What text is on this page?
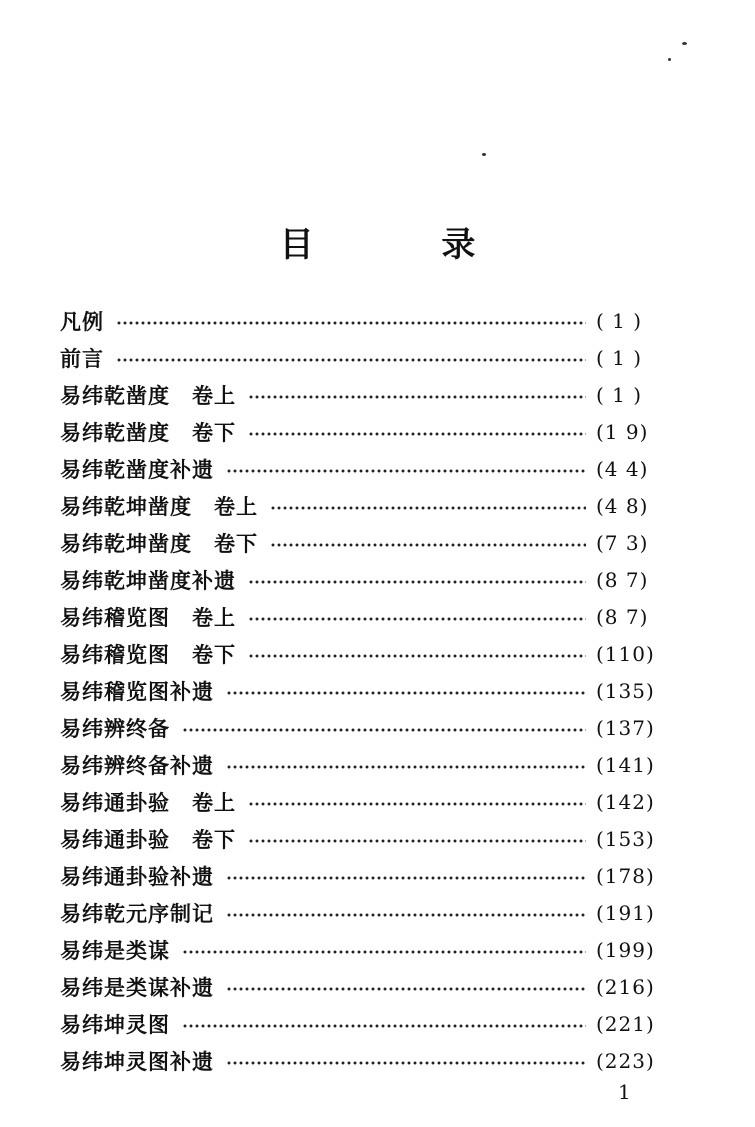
目 录
凡例	( 1 )
前言	( 1 )
易纬乾凿度　卷上	( 1 )
易纬乾凿度　卷下	(1 9)
易纬乾凿度补遗	(4 4)
易纬乾坤凿度　卷上	(4 8)
易纬乾坤凿度　卷下	(7 3)
易纬乾坤凿度补遗	(8 7)
易纬稽览图　卷上	(8 7)
易纬稽览图　卷下	(110)
易纬稽览图补遗	(135)
易纬辨终备	(137)
易纬辨终备补遗	(141)
易纬通卦验　卷上	(142)
易纬通卦验　卷下	(153)
易纬通卦验补遗	(178)
易纬乾元序制记	(191)
易纬是类谋	(199)
易纬是类谋补遗	(216)
易纬坤灵图	(221)
易纬坤灵图补遗	(223)
1
